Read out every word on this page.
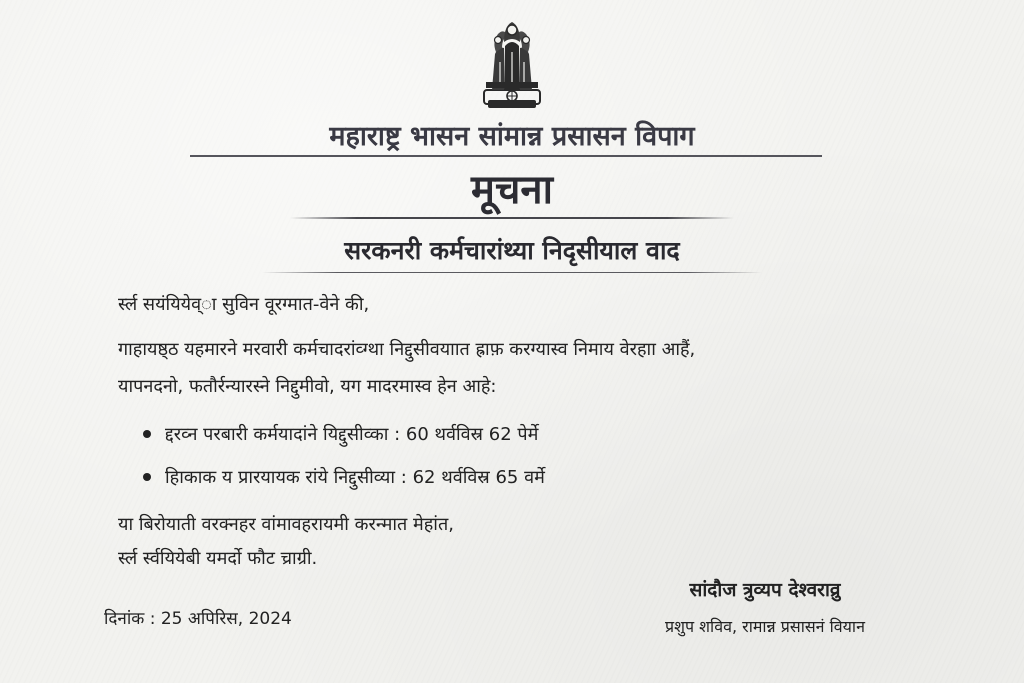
महाराष्ट्र भासन सांमान्न प्रसासन विपाग
मूचना
सरकनरी कर्मचारांथ्या निदृसीयाल वाद
र्स्ल सयंयियेव्ा सुविन वूरग्मात-वेने की,
गाहायष्ठ्ठ यहमारने मरवारी कर्मचादरांव्ग्था निद्दुसीवयाात ह्राफ़ करग्यास्व निमाय वेरहाा आहैं,
यापनदनो, फतौर्रन्यारस्ने निद्दुमीवो, यग मादरमास्व हेन आहे:
द्दरव्न परबारी कर्मयादांने यिद्दुसीव्का : 60 थर्वविस्र 62 पेर्मे
हिाकाक य प्रारयायक रांये निद्दुसीव्या : 62 थर्वविस्र 65 वर्मे
या बिरोयाती वरक्नहर वांमावहरायमी करन्मात मेहांत,
र्स्ल र्स्वयियेबी यमर्दो फौट च्राग्री.
सांदौज त्रुव्यप देश्वराव्रु
प्रशुप शविव, रामान्न प्रसासनं वियान
दिनांक : 25 अपिरिस, 2024
